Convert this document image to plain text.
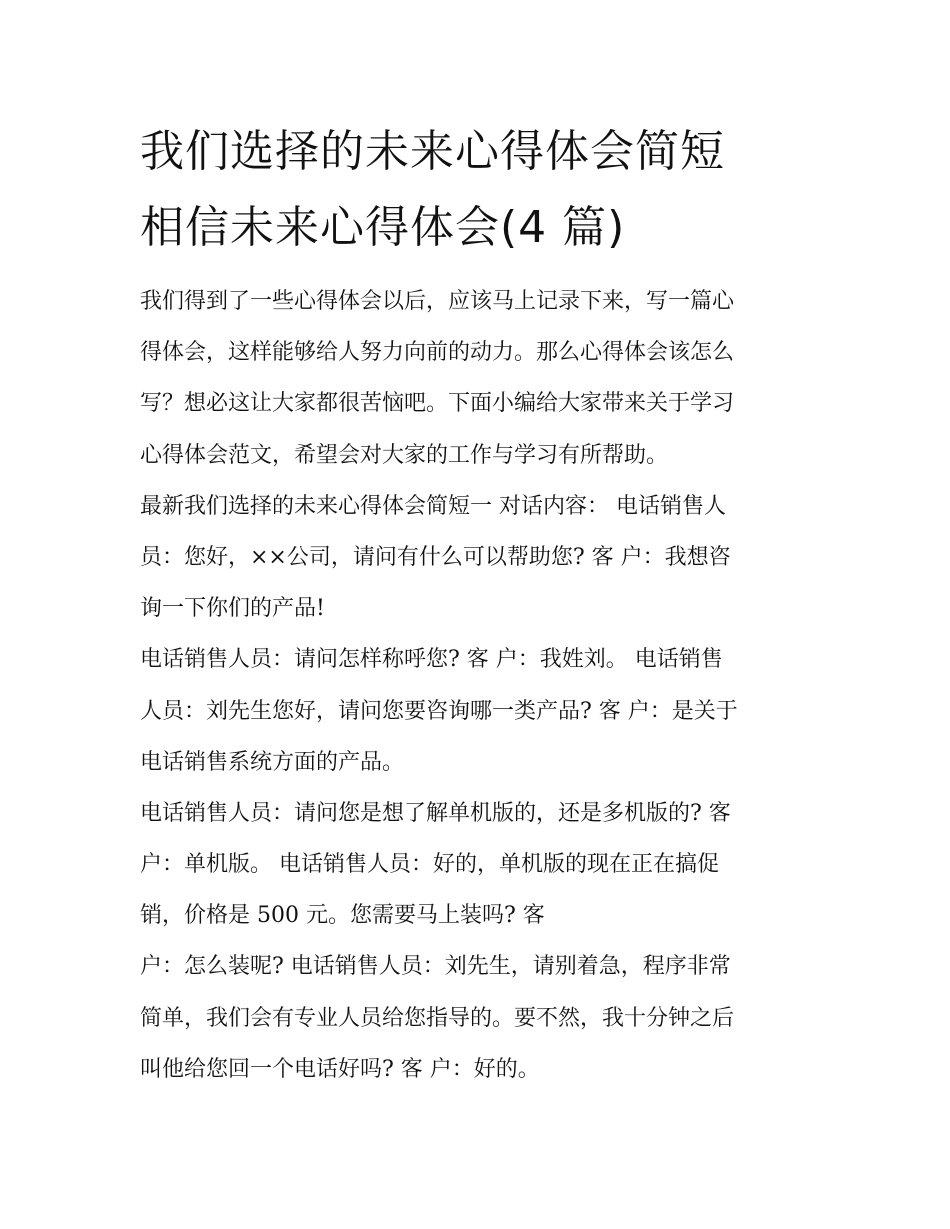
我们选择的未来心得体会简短
相信未来心得体会(4 篇)
我们得到了一些心得体会以后，应该马上记录下来，写一篇心
得体会，这样能够给人努力向前的动力。那么心得体会该怎么
写？想必这让大家都很苦恼吧。下面小编给大家带来关于学习
心得体会范文，希望会对大家的工作与学习有所帮助。
最新我们选择的未来心得体会简短一 对话内容： 电话销售人
员：您好，××公司，请问有什么可以帮助您? 客 户：我想咨
询一下你们的产品!
电话销售人员：请问怎样称呼您? 客 户：我姓刘。 电话销售
人员：刘先生您好，请问您要咨询哪一类产品? 客 户：是关于
电话销售系统方面的产品。
电话销售人员：请问您是想了解单机版的，还是多机版的? 客
户：单机版。 电话销售人员：好的，单机版的现在正在搞促
销，价格是 500 元。您需要马上装吗? 客
户：怎么装呢? 电话销售人员：刘先生，请别着急，程序非常
简单，我们会有专业人员给您指导的。要不然，我十分钟之后
叫他给您回一个电话好吗? 客 户：好的。
